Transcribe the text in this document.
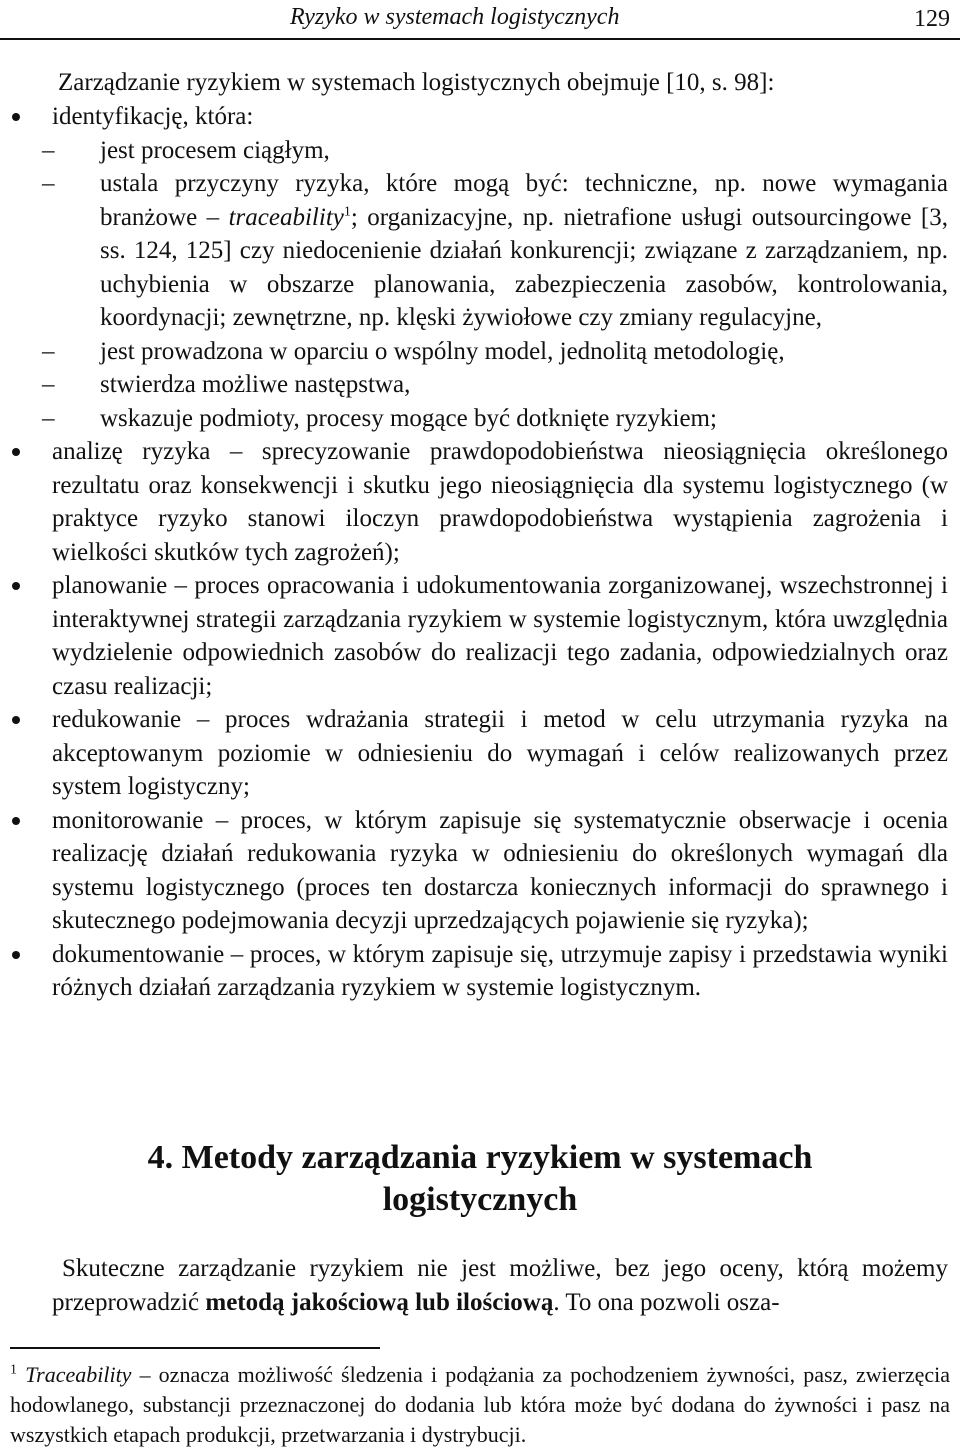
Ryzyko w systemach logistycznych	129
Zarządzanie ryzykiem w systemach logistycznych obejmuje [10, s. 98]:
identyfikację, która:
– jest procesem ciągłym,
– ustala przyczyny ryzyka, które mogą być: techniczne, np. nowe wymagania branżowe – traceability$^1$; organizacyjne, np. nietrafione usługi outsourcingowe [3, ss. 124, 125] czy niedocenienie działań konkurencji; związane z zarządzaniem, np. uchybienia w obszarze planowania, zabezpieczenia zasobów, kontrolowania, koordynacji; zewnętrzne, np. klęski żywiołowe czy zmiany regulacyjne,
– jest prowadzona w oparciu o wspólny model, jednolitą metodologię,
– stwierdza możliwe następstwa,
– wskazuje podmioty, procesy mogące być dotknięte ryzykiem;
analizę ryzyka – sprecyzowanie prawdopodobieństwa nieosiągnięcia określonego rezultatu oraz konsekwencji i skutku jego nieosiągnięcia dla systemu logistycznego (w praktyce ryzyko stanowi iloczyn prawdopodobieństwa wystąpienia zagrożenia i wielkości skutków tych zagrożeń);
planowanie – proces opracowania i udokumentowania zorganizowanej, wszechstronnej i interaktywnej strategii zarządzania ryzykiem w systemie logistycznym, która uwzględnia wydzielenie odpowiednich zasobów do realizacji tego zadania, odpowiedzialnych oraz czasu realizacji;
redukowanie – proces wdrażania strategii i metod w celu utrzymania ryzyka na akceptowanym poziomie w odniesieniu do wymagań i celów realizowanych przez system logistyczny;
monitorowanie – proces, w którym zapisuje się systematycznie obserwacje i ocenia realizację działań redukowania ryzyka w odniesieniu do określonych wymagań dla systemu logistycznego (proces ten dostarcza koniecznych informacji do sprawnego i skutecznego podejmowania decyzji uprzedzających pojawienie się ryzyka);
dokumentowanie – proces, w którym zapisuje się, utrzymuje zapisy i przedstawia wyniki różnych działań zarządzania ryzykiem w systemie logistycznym.
4. Metody zarządzania ryzykiem w systemach
logistycznych
Skuteczne zarządzanie ryzykiem nie jest możliwe, bez jego oceny, którą możemy przeprowadzić metodą jakościową lub ilościową. To ona pozwoli osza-
$^1$ Traceability – oznacza możliwość śledzenia i podążania za pochodzeniem żywności, pasz, zwierzęcia hodowlanego, substancji przeznaczonej do dodania lub która może być dodana do żywności i pasz na wszystkich etapach produkcji, przetwarzania i dystrybucji.
